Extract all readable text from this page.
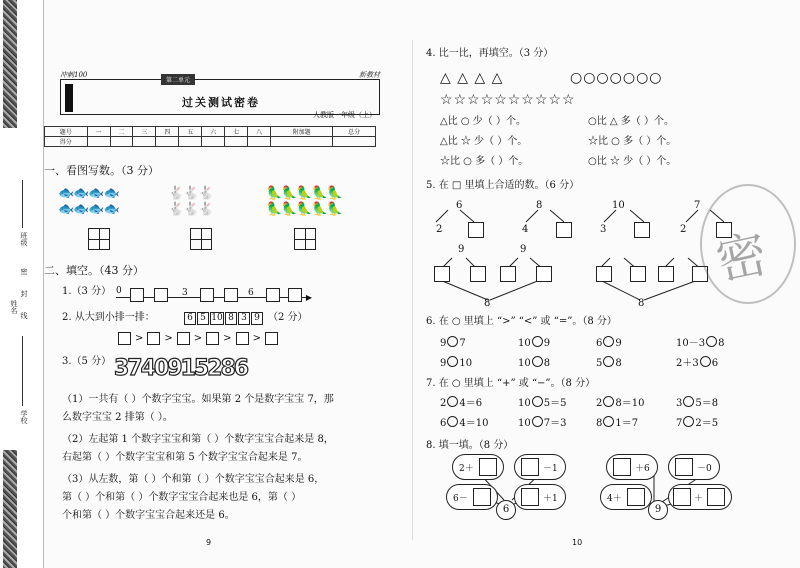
班级
密
封
线
姓名
学校
冲刺100	新教材
第二单元
过关测试密卷
人教版一年级（上）
题号	一	二	三	四	五	六	七	八	附加题	总分
得分										
一、看图写数。（3 分）
🐟🐟🐟🐟
🐟🐟🐟🐟
🐇🐇🐇
🐇🐇🐇
🦜🦜🦜🦜🦜
🦜🦜🦜🦜🦜
二、填空。（43 分）
1.（3 分）
▶
0	3	6
2. 从大到小排一排：	6 5 10 8 3 9 （2 分）
> > > > >
3.（5 分） 3740915286
（1）一共有（ ）个数字宝宝。如果第 2 个是数字宝宝 7，那
么数字宝宝 2 排第（ ）。
（2）左起第 1 个数字宝宝和第（ ）个数字宝宝合起来是 8，
右起第（ ）个数字宝宝和第 5 个数字宝宝合起来是 7。
（3）从左数，第（ ）个和第（ ）个数字宝宝合起来是 6，
第（ ）个和第（ ）个数字宝宝合起来也是 6，第（ ）
个和第（ ）个数字宝宝合起来还是 6。
9
4. 比一比，再填空。（3 分）
△ △ △ △	○○○○○○○
☆☆☆☆☆☆☆☆☆☆
△比 ○ 少（ ）个。	○比 △ 多（ ）个。
△比 ☆ 少（ ）个。	☆比 ○ 多（ ）个。
☆比 ○ 多（ ）个。	○比 ☆ 少（ ）个。
5. 在 □ 里填上合适的数。（6 分）
6	8	10	7
2	4	3	2
9	9
8	8
密
6. 在 ○ 里填上 “>” “<” 或 “=”。（8 分）
9 7	10 9	6 9	10－3 8
9 10	10 8	5 8	2＋3 6
7. 在 ○ 里填上 “+” 或 “−”。（8 分）
2 4＝6	10 5＝5	2 8＝10	3 5＝8
6 4＝10	10 7＝3	8 1＝7	7 2＝5
8. 填一填。（8 分）
2＋	－1
6－	＋1
6
＋6	－0
4＋	＋
9
10
